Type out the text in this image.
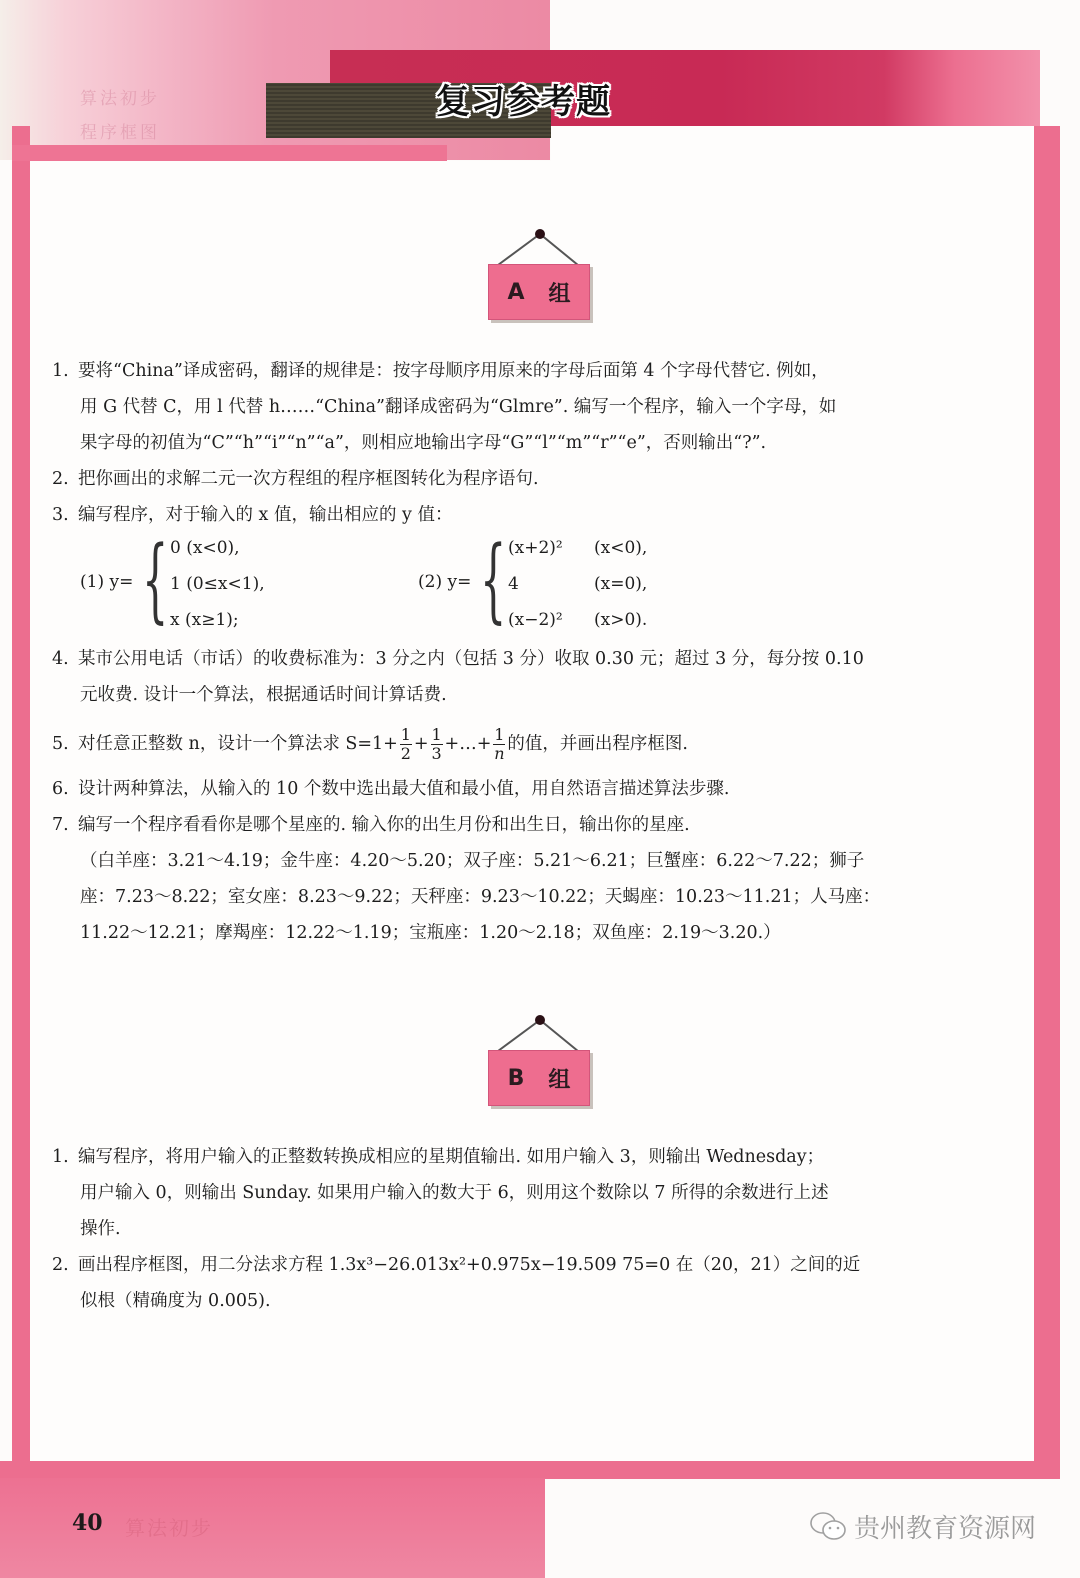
算法初步
程序框图
复习参考题
A 组
1. 要将“China”译成密码，翻译的规律是：按字母顺序用原来的字母后面第 4 个字母代替它. 例如，
用 G 代替 C，用 l 代替 h……“China”翻译成密码为“Glmre”. 编写一个程序，输入一个字母，如
果字母的初值为“C”“h”“i”“n”“a”，则相应地输出字母“G”“l”“m”“r”“e”，否则输出“?”.
2. 把你画出的求解二元一次方程组的程序框图转化为程序语句.
3. 编写程序，对于输入的 x 值，输出相应的 y 值：
(1) y= { 0 (x<0),
1 (0≤x<1),
x (x≥1);
(2) y= { (x+2)² (x<0),
4	(x=0),
(x−2)² (x>0).
4. 某市公用电话（市话）的收费标准为：3 分之内（包括 3 分）收取 0.30 元；超过 3 分，每分按 0.10
元收费. 设计一个算法，根据通话时间计算话费.
5. 对任意正整数 n，设计一个算法求 $S=1+ \frac{1}{2} + \frac{1}{3}$ +…+ $\frac{1}{n}$ 的值，并画出程序框图.
6. 设计两种算法，从输入的 10 个数中选出最大值和最小值，用自然语言描述算法步骤.
7. 编写一个程序看看你是哪个星座的. 输入你的出生月份和出生日，输出你的星座.
（白羊座：3.21～4.19；金牛座：4.20～5.20；双子座：5.21～6.21；巨蟹座：6.22～7.22；狮子
座：7.23～8.22；室女座：8.23～9.22；天秤座：9.23～10.22；天蝎座：10.23～11.21；人马座：
11.22～12.21；摩羯座：12.22～1.19；宝瓶座：1.20～2.18；双鱼座：2.19～3.20.）
B 组
1. 编写程序，将用户输入的正整数转换成相应的星期值输出. 如用户输入 3，则输出 Wednesday；
用户输入 0，则输出 Sunday. 如果用户输入的数大于 6，则用这个数除以 7 所得的余数进行上述
操作.
2. 画出程序框图，用二分法求方程 1.3x³−26.013x²+0.975x−19.509 75=0 在（20，21）之间的近
似根（精确度为 0.005).
40 算法初步	贵州教育资源网
